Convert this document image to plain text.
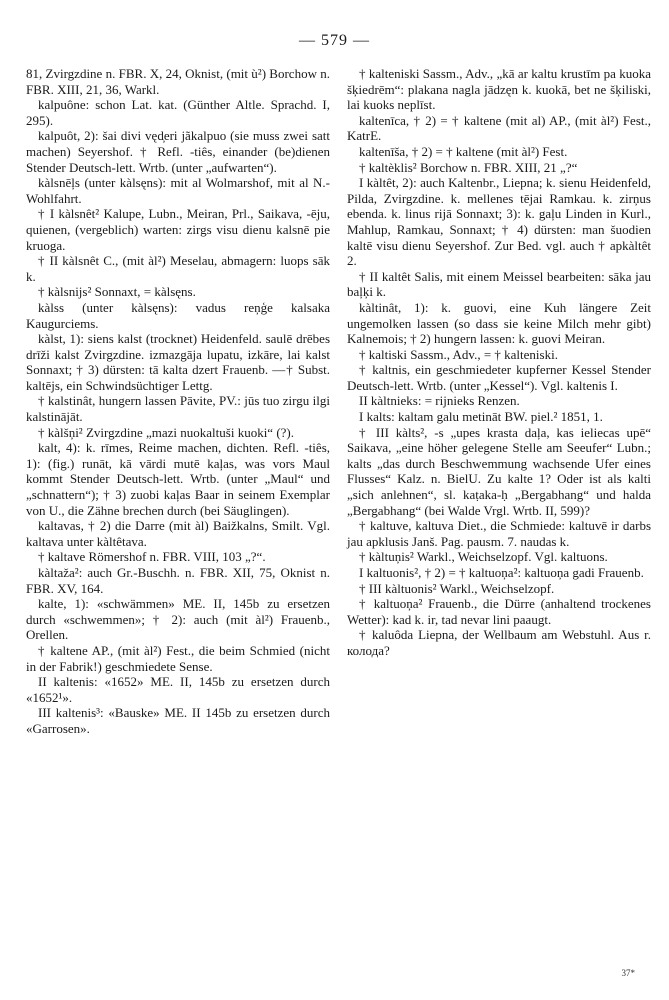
— 579 —

81, Zvirgzdine n. FBR. X, 24, Oknist, (mit ù²) Borchow n. FBR. XIII, 21, 36, Warkl.

kalpuône: schon Lat. kat. (Günther Altle. Sprachd. I, 295).

kalpuôt, 2): šai divi vęd̦eri jãkalpuo (sie muss zwei satt machen) Seyershof. † Refl. -tiês, einander (be)dienen Stender Deutsch-lett. Wrtb. (unter „aufwarten“).

kàlsnēļs (unter kàlsęns): mit al Wolmarshof, mit al N.-Wohlfahrt.

† I kàlsnêt² Kalupe, Lubn., Meiran, Prl., Saikava, -ēju, quienen, (vergeblich) warten: zirgs visu dienu kalsnē pie kruoga.

† II kàlsnêt C., (mit àl²) Meselau, abmagern: luops sāk k.

† kàlsnijs² Sonnaxt, = kàlsęns.

kàlss (unter kàlsęns): vadus reņģe kalsaka Kaugurciems.

kàlst, 1): siens kalst (trocknet) Heidenfeld. saulē drēbes drīži kalst Zvirgzdine. izmazgāja lupatu, izkāre, lai kalst Sonnaxt; † 3) dürsten: tā kalta dzert Frauenb. —† Subst. kaltējs, ein Schwindsüchtiger Lettg.

† kalstinât, hungern lassen Pāvite, PV.: jūs tuo zirgu ilgi kalstinājāt.

† kàlšņi² Zvirgzdine „mazi nuokaltuši kuoki“ (?).

kalt, 4): k. rīmes, Reime machen, dichten. Refl. -tiês, 1): (fig.) runāt, kā vārdi mutē kaļas, was vors Maul kommt Stender Deutsch-lett. Wrtb. (unter „Maul“ und „schnattern“); † 3) zuobi kaļas Baar in seinem Exemplar von U., die Zähne brechen durch (bei Säuglingen).

kaltavas, † 2) die Darre (mit àl) Baižkalns, Smilt. Vgl. kaltava unter kàltêtava.

† kaltave Römershof n. FBR. VIII, 103 „?“.

kàltaža²: auch Gr.-Buschh. n. FBR. XII, 75, Oknist n. FBR. XV, 164.

kalte, 1): «schwämmen» ME. II, 145b zu ersetzen durch «schwemmen»; † 2): auch (mit àl²) Frauenb., Orellen.

† kaltene AP., (mit àl²) Fest., die beim Schmied (nicht in der Fabrik!) geschmiedete Sense.

II kaltenis: «1652» ME. II, 145b zu ersetzen durch «1652¹».

III kaltenis³: «Bauske» ME. II 145b zu ersetzen durch «Garrosen».

† kalteniski Sassm., Adv., „kā ar kaltu krustīm pa kuoka šķiedrēm“: plakana nagla jādzęn k. kuokā, bet ne šķiliski, lai kuoks neplīst.

kaltenīca, † 2) = † kaltene (mit al) AP., (mit àl²) Fest., KatrE.

kaltenīša, † 2) = † kaltene (mit àl²) Fest.

† kaltèklis² Borchow n. FBR. XIII, 21 „?“

I kàltêt, 2): auch Kaltenbr., Liepna; k. sienu Heidenfeld, Pilda, Zvirgzdine. k. mellenes tējai Ramkau. k. zirņus ebenda. k. linus rijā Sonnaxt; 3): k. gaļu Linden in Kurl., Mahlup, Ramkau, Sonnaxt; † 4) dürsten: man šuodien kaltē visu dienu Seyershof. Zur Bed. vgl. auch † apkàltêt 2.

† II kaltêt Salis, mit einem Meissel bearbeiten: sāka jau baļķi k.

kàltinât, 1): k. guovi, eine Kuh längere Zeit ungemolken lassen (so dass sie keine Milch mehr gibt) Kalnemois; † 2) hungern lassen: k. guovi Meiran.

† kaltiski Sassm., Adv., = † kalteniski.

† kaltnis, ein geschmiedeter kupferner Kessel Stender Deutsch-lett. Wrtb. (unter „Kessel“). Vgl. kaltenis I.

II kàltnieks: = rijnieks Renzen.

I kalts: kaltam galu metināt BW. piel.² 1851, 1.

† III kàlts², -s „upes krasta daļa, kas ieliecas upē“ Saikava, „eine höher gelegene Stelle am Seeufer“ Lubn.; kalts „das durch Beschwemmung wachsende Ufer eines Flusses“ Kalz. n. BielU. Zu kalte 1? Oder ist als kalti „sich anlehnen“, sl. kaṭaka-ḥ „Bergabhang“ und halda „Bergabhang“ (bei Walde Vrgl. Wrtb. II, 599)?

† kaltuve, kaltuva Diet., die Schmiede: kaltuvē ir darbs jau apklusis Janš. Pag. pausm. 7. naudas k.

† kàltuņis² Warkl., Weichselzopf. Vgl. kaltuons.

I kaltuonis², † 2) = † kaltuoņa²: kaltuoņa gadi Frauenb.

† III kàltuonis² Warkl., Weichselzopf.

† kaltuoņa² Frauenb., die Dürre (anhaltend trockenes Wetter): kad k. ir, tad nevar lini paaugt.

† kaluôda Liepna, der Wellbaum am Webstuhl. Aus r. колода?

37*
